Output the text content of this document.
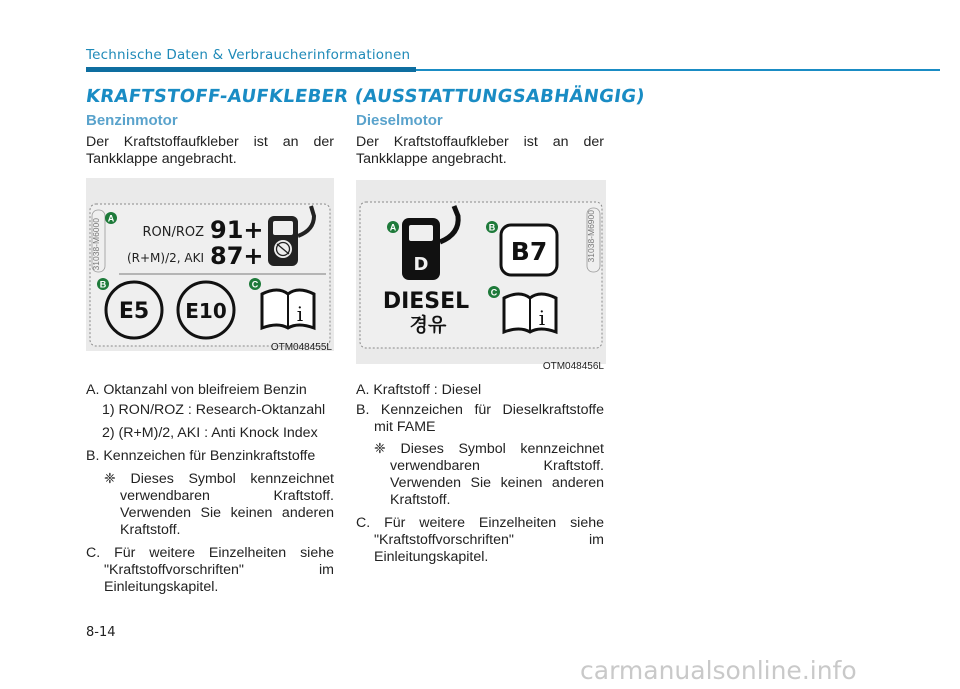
Technische Daten & Verbraucherinformationen
KRAFTSTOFF-AUFKLEBER (AUSSTATTUNGSABHÄNGIG)
Benzinmotor
Der Kraftstoffaufkleber ist an der Tankklappe angebracht.
31038-M6000 A
RON/ROZ 91+
(R+M)/2, AKI 87+
B	C
E5 E10	i
OTM048455L
A. Oktanzahl von bleifreiem Benzin
1) RON/ROZ : Research-Oktanzahl
2) (R+M)/2, AKI : Anti Knock Index
B. Kennzeichen für Benzinkraftstoffe
❈ Dieses Symbol kennzeichnet verwendbaren Kraftstoff. Verwenden Sie keinen anderen Kraftstoff.
C. Für weitere Einzelheiten siehe "Kraftstoffvorschriften" im Einleitungskapitel.
Dieselmotor
Der Kraftstoffaufkleber ist an der Tankklappe angebracht.
31038-M6900
A
D
DIESEL
경유
B
B7
C
i
OTM048456L
A. Kraftstoff : Diesel
B. Kennzeichen für Dieselkraftstoffe mit FAME
❈ Dieses Symbol kennzeichnet verwendbaren Kraftstoff. Verwenden Sie keinen anderen Kraftstoff.
C. Für weitere Einzelheiten siehe "Kraftstoffvorschriften" im Einleitungskapitel.
8-14
carmanualsonline.info
